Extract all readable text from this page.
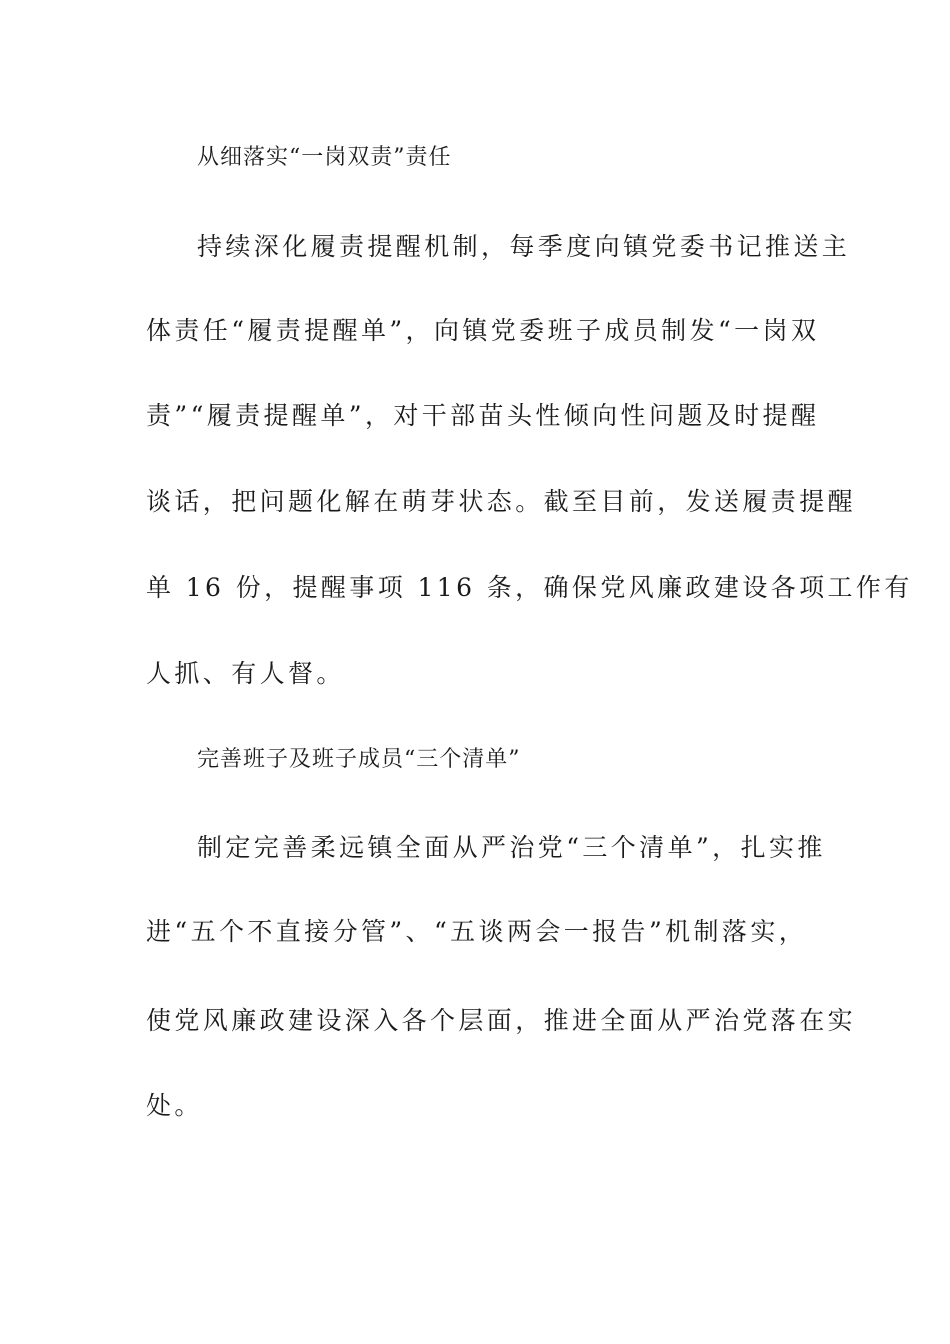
从细落实“一岗双责”责任

持续深化履责提醒机制，每季度向镇党委书记推送主

体责任“履责提醒单”，向镇党委班子成员制发“一岗双

责”“履责提醒单”，对干部苗头性倾向性问题及时提醒

谈话，把问题化解在萌芽状态。截至目前，发送履责提醒

单 16 份，提醒事项 116 条，确保党风廉政建设各项工作有

人抓、有人督。

完善班子及班子成员“三个清单”

制定完善柔远镇全面从严治党“三个清单”，扎实推

进“五个不直接分管”、“五谈两会一报告”机制落实，

使党风廉政建设深入各个层面，推进全面从严治党落在实

处。
